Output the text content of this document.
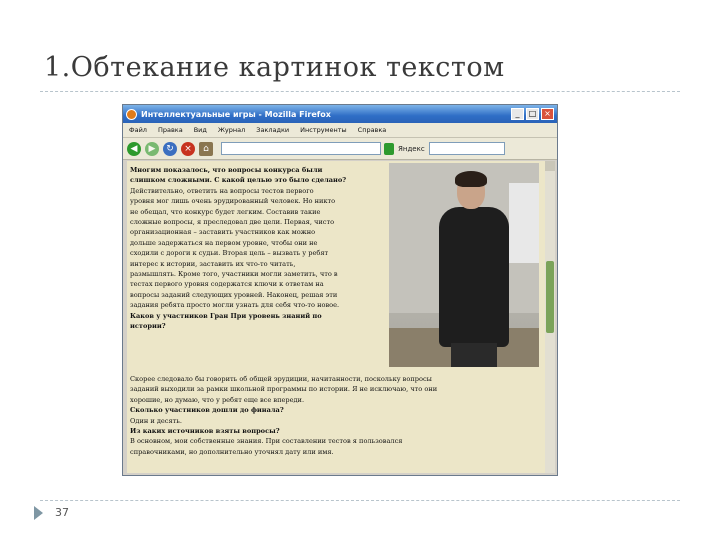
1.Обтекание картинок текстом
Интеллектуальные игры - Mozilla Firefox	_	□ ×
Файл Правка Вид Журнал Закладки Инструменты Справка
◀	▶	↻	×	⌂	Яндекс

Многим показалось, что вопросы конкурса были

слишком сложными. С какой целью это было сделано?

Действительно, ответить на вопросы тестов первого

уровня мог лишь очень эрудированный человек. Но никто

не обещал, что конкурс будет легким. Составив такие

сложные вопросы, я преследовал две цели. Первая, чисто

организационная – заставить участников как можно

дольше задержаться на первом уровне, чтобы они не

сходили с дороги к судьи. Вторая цель – вызвать у ребят

интерес к истории, заставить их что-то читать,

размышлять. Кроме того, участники могли заметить, что в

тестах первого уровня содержатся ключи к ответам на

вопросы заданий следующих уровней. Наконец, решая эти

задания ребята просто могли узнать для себя что-то новое.

Каков у участников Гран При уровень знаний по

истории?

Скорее следовало бы говорить об общей эрудиции, начитанности, поскольку вопросы

заданий выходили за рамки школьной программы по истории. Я не исключаю, что они

хорошие, но думаю, что у ребят еще все впереди.

Сколько участников дошли до финала?

Один и десять.

Из каких источников взяты вопросы?

В основном, мои собственные знания. При составлении тестов я пользовался

справочниками, но дополнительно уточнял дату или имя.

37
